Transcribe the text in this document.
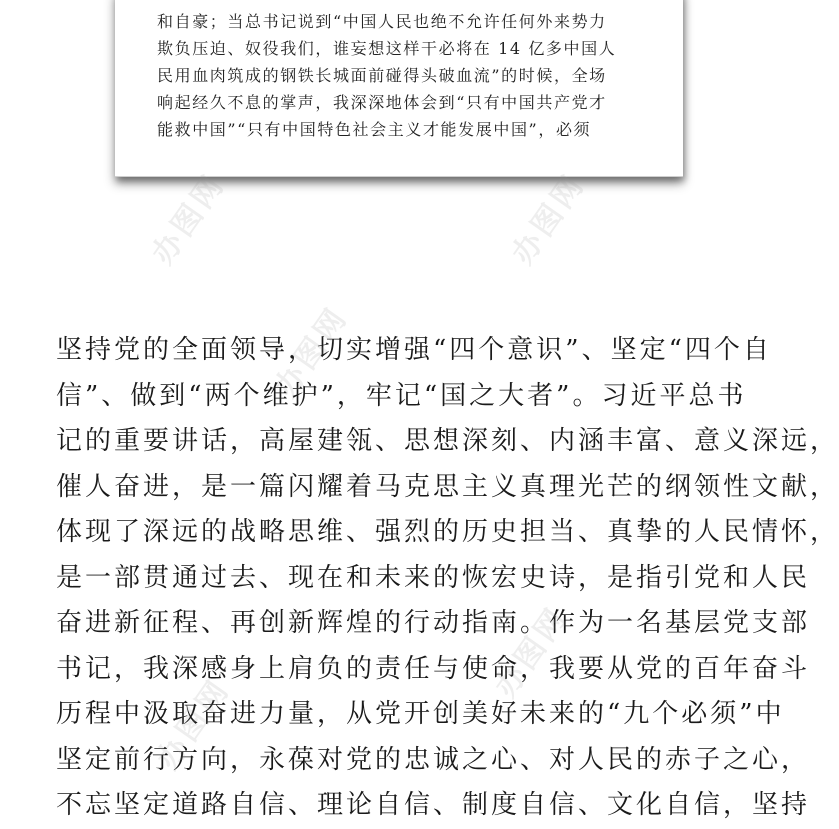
和自豪；当总书记说到“中国人民也绝不允许任何外来势力
欺负压迫、奴役我们，谁妄想这样干必将在 14 亿多中国人
民用血肉筑成的钢铁长城面前碰得头破血流”的时候，全场
响起经久不息的掌声，我深深地体会到“只有中国共产党才
能救中国”“只有中国特色社会主义才能发展中国”，必须
坚持党的全面领导，切实增强“四个意识”、坚定“四个自
信”、做到“两个维护”，牢记“国之大者”。习近平总书
记的重要讲话，高屋建瓴、思想深刻、内涵丰富、意义深远，
催人奋进，是一篇闪耀着马克思主义真理光芒的纲领性文献，
体现了深远的战略思维、强烈的历史担当、真挚的人民情怀，
是一部贯通过去、现在和未来的恢宏史诗，是指引党和人民
奋进新征程、再创新辉煌的行动指南。作为一名基层党支部
书记，我深感身上肩负的责任与使命，我要从党的百年奋斗
历程中汲取奋进力量，从党开创美好未来的“九个必须”中
坚定前行方向，永葆对党的忠诚之心、对人民的赤子之心，
不忘坚定道路自信、理论自信、制度自信、文化自信，坚持
办图网	办图网
办图网
办图网
办图网
